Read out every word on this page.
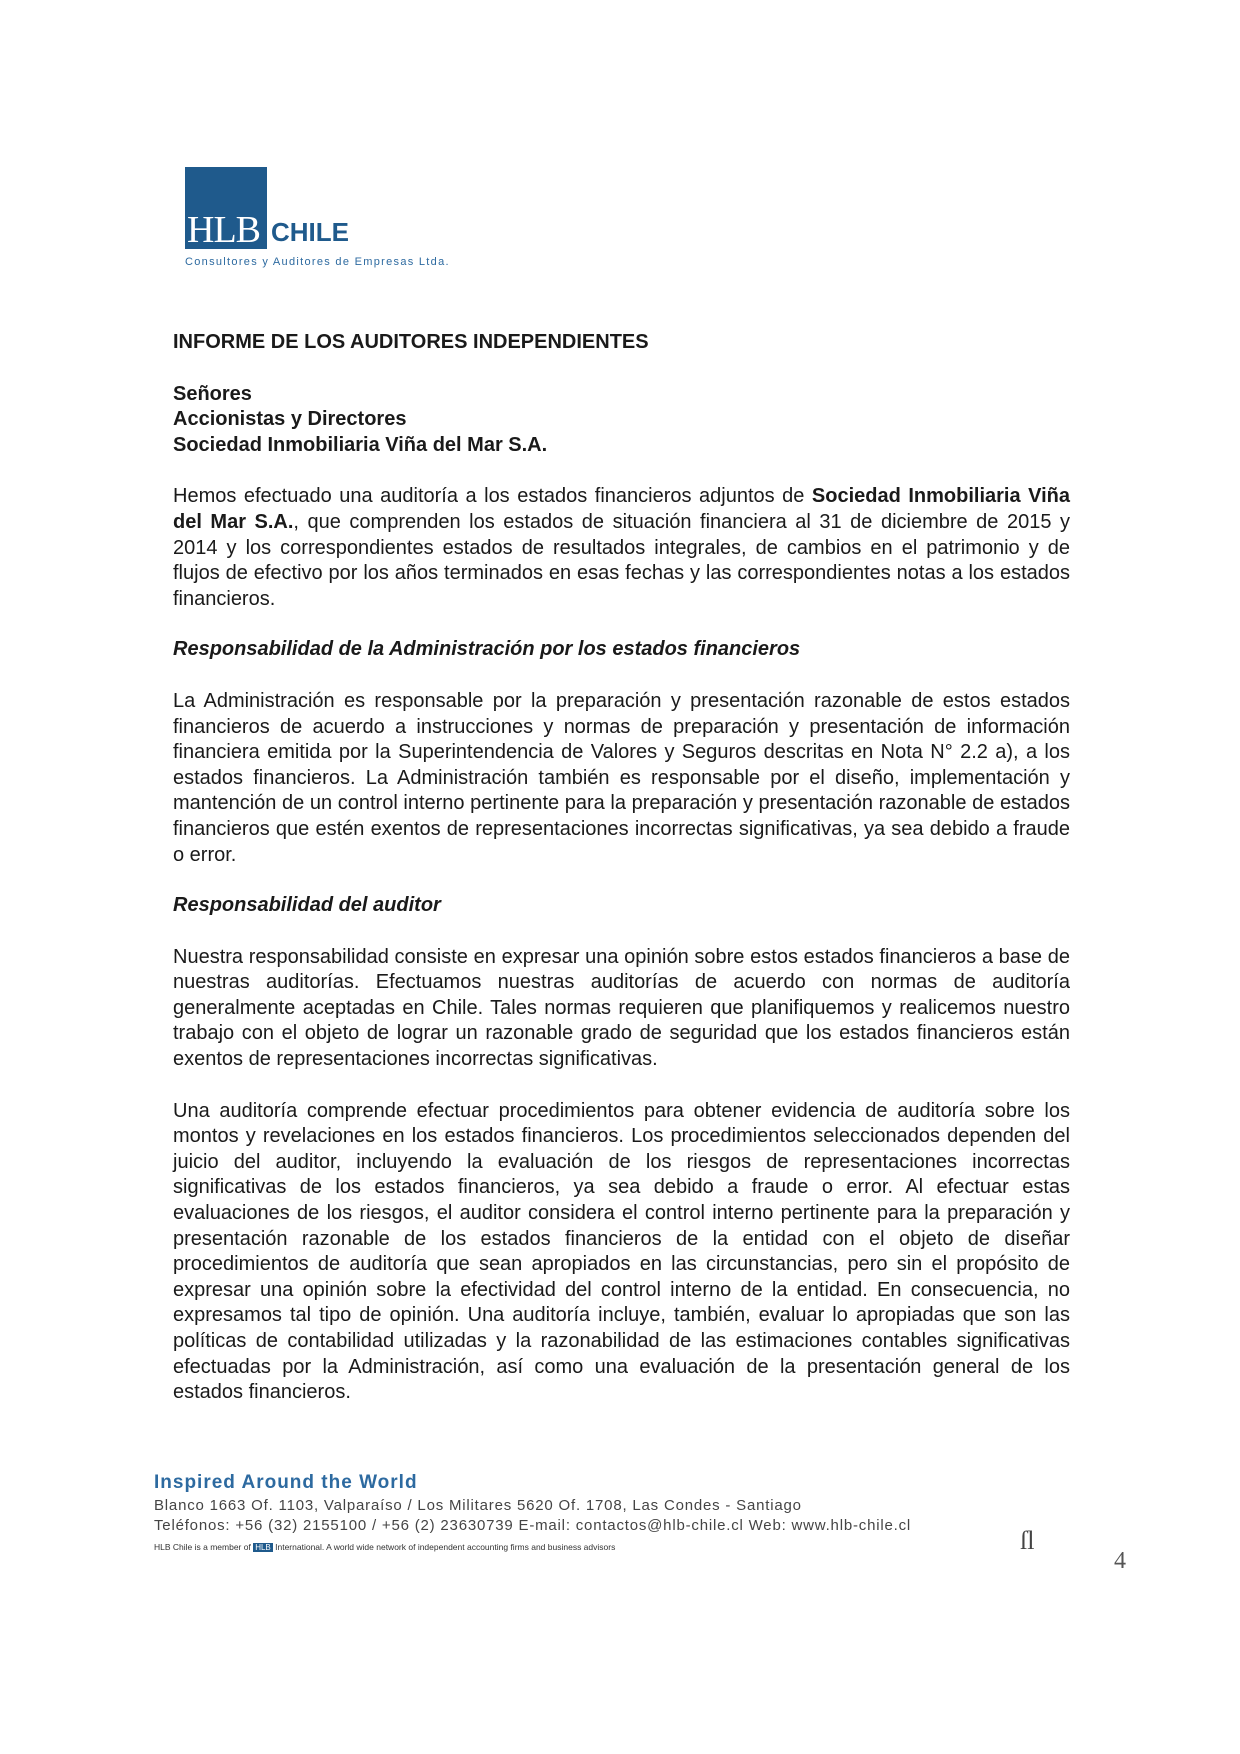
HLB CHILE
Consultores y Auditores de Empresas Ltda.
INFORME DE LOS AUDITORES INDEPENDIENTES
Señores
Accionistas y Directores
Sociedad Inmobiliaria Viña del Mar S.A.

Hemos efectuado una auditoría a los estados financieros adjuntos de Sociedad Inmobiliaria Viña del Mar S.A., que comprenden los estados de situación financiera al 31 de diciembre de 2015 y 2014 y los correspondientes estados de resultados integrales, de cambios en el patrimonio y de flujos de efectivo por los años terminados en esas fechas y las correspondientes notas a los estados financieros.

Responsabilidad de la Administración por los estados financieros

La Administración es responsable por la preparación y presentación razonable de estos estados financieros de acuerdo a instrucciones y normas de preparación y presentación de información financiera emitida por la Superintendencia de Valores y Seguros descritas en Nota N° 2.2 a), a los estados financieros. La Administración también es responsable por el diseño, implementación y mantención de un control interno pertinente para la preparación y presentación razonable de estados financieros que estén exentos de representaciones incorrectas significativas, ya sea debido a fraude o error.

Responsabilidad del auditor

Nuestra responsabilidad consiste en expresar una opinión sobre estos estados financieros a base de nuestras auditorías. Efectuamos nuestras auditorías de acuerdo con normas de auditoría generalmente aceptadas en Chile. Tales normas requieren que planifiquemos y realicemos nuestro trabajo con el objeto de lograr un razonable grado de seguridad que los estados financieros están exentos de representaciones incorrectas significativas.

Una auditoría comprende efectuar procedimientos para obtener evidencia de auditoría sobre los montos y revelaciones en los estados financieros. Los procedimientos seleccionados dependen del juicio del auditor, incluyendo la evaluación de los riesgos de representaciones incorrectas significativas de los estados financieros, ya sea debido a fraude o error. Al efectuar estas evaluaciones de los riesgos, el auditor considera el control interno pertinente para la preparación y presentación razonable de los estados financieros de la entidad con el objeto de diseñar procedimientos de auditoría que sean apropiados en las circunstancias, pero sin el propósito de expresar una opinión sobre la efectividad del control interno de la entidad. En consecuencia, no expresamos tal tipo de opinión. Una auditoría incluye, también, evaluar lo apropiadas que son las políticas de contabilidad utilizadas y la razonabilidad de las estimaciones contables significativas efectuadas por la Administración, así como una evaluación de la presentación general de los estados financieros.

Inspired Around the World
Blanco 1663 Of. 1103, Valparaíso / Los Militares 5620 Of. 1708, Las Condes - Santiago
Teléfonos: +56 (32) 2155100 / +56 (2) 23630739 E-mail: contactos@hlb-chile.cl Web: www.hlb-chile.cl
HLB Chile is a member of HLB International. A world wide network of independent accounting firms and business advisors	ſl
4
